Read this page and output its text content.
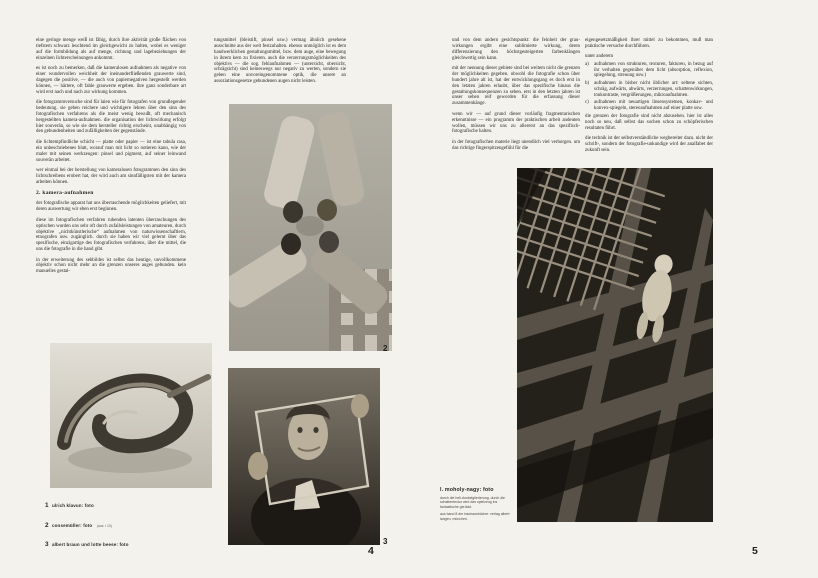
eine geringe menge weiß ist fähig, durch ihre aktivität große flächen von tiefstem schwarz leuchtend im gleichgewicht zu halten, wobei es weniger auf die formbildung als auf menge, richtung und lagebeziehungen der einzelnen lichterscheinungen ankommt.

es ist noch zu bemerken, daß die kameralosen aufnahmen als negative von einer wundervollen weichheit der ineinanderfließenden grauwerte sind, dagegen die positive, — die auch von papiernegativen hergestellt werden können, — härtere, oft fahle grauwerte ergeben. ihre ganz sonderbare art wird erst nach und nach zur wirkung kommen.

die fotogrammversuche sind für laien wie für fotografen von grundlegender bedeutung. sie geben reichere und wichtigere lehren über den sinn des fotografischen verfahrens als die meist wenig bewußt, oft mechanisch hergestellten kamera-aufnahmen. die organisation der lichtwirkung erfolgt hier souverän, so wie sie dem hersteller richtig erscheint, unabhängig von den gebundenheiten und zufälligkeiten der gegenstände.

die lichtempfindliche schicht — platte oder papier — ist eine tabula rasa, ein unbeschriebenes blatt, worauf man mit licht so notieren kann, wie der maler mit seinen werkzeugen: pinsel und pigment, auf seiner leinwand souverän arbeitet.

wer einmal bei der herstellung von kameralosen fotogrammen den sinn des lichtschreibens erobert hat, der wird auch am sinnfälligsten mit der kamera arbeiten können.

2. kamera-aufnahmen

der fotografische apparat hat uns überraschende möglichkeiten geliefert, mit deren auswertung wir eben erst beginnen.

diese im fotografischen verfahren ruhenden latenten überraschungen des optischen wurden uns sehr oft durch zufallsleistungen von amateuren, durch objektive „nichtkünstlerische“ aufnahmen von naturwissenschaftlern, etnografen usw. zugänglich. durch sie haben wir viel gelernt über das spezifische, einzigartige des fotografischen verfahrens, über die mittel, die uns die fotografie in die hand gibt.

in der erweiterung des sehbildes ist selbst das heutige, unvollkommene objektiv schon nicht mehr an die grenzen unseres auges gebunden. kein manuelles gestal-

tungsmittel (bleistift, pinsel usw.) vermag ähnlich gesehene ausschnitte aus der welt festzuhalten. ebenso unmöglich ist es dem handwerklichen gestaltungsmittel, bzw. dem auge, eine bewegung in ihrem kern zu fixieren. auch die verzerrungsmöglichkeiten des objektivs — die sog. fehlaufnahmen — (untersicht, obersicht, schrägsicht) sind keineswegs nur negativ zu werten, sondern sie geben eine unvoreingenommene optik, die unsere an assoziationsgesetze gebundenen augen nicht leisten.

2
3
1 ulrich klavun: foto
2 consemüller: foto (aus: i 10)
3 albert braun und lotte beese: foto
4

und von dem andern gesichtspunkt: die feinheit der grau-wirkungen ergibt eine sublimierte wirkung, deren differenzierung den höchstgesteigerten farbenklängen gleichwertig sein kann.

mit der nennung dieser gebiete sind bei weitem nicht die grenzen der möglichkeiten gegeben. obwohl die fotografie schon über hundert jahre alt ist, hat der entwicklungsgang es doch erst in den letzten jahren erlaubt, über das spezifische hinaus die gestaltungskonsequenzen zu sehen. erst in den letzten jahren ist unser sehen reif geworden für die erfassung dieser zusammenhänge.

wenn wir — auf grund dieser vorläufig fragmentarischen erkenntnisse — ein programm der praktischen arbeit andeuten wollen, müssen wir uns zu allererst an das spezifisch-fotografische halten.

in der fotografischen materie liegt unendlich viel verborgen. um das richtige fingerspitzengefühl für die

eigengesetzmäßigkeit ihrer mittel zu bekommen, muß man praktische versuche durchführen.

unter anderem
a)	aufnahmen von strukturen, texturen, fakturen, in bezug auf ihr verhalten gegenüber dem licht (absorption, reflexion, spiegelung, streuung usw.)
b)	aufnahmen in bisher nicht üblicher art: seltene sichten, schräg, aufwärts, abwärts, verzerrungen, schattenwirkungen, tonkontraste, vergrößerungen, mikroaufnahmen.
c)	aufnahmen mit neuartigen linsensystemen, konkav- und konvex-spiegeln, stereoaufnahmen auf einer platte usw.

die grenzen der fotografie sind nicht abzusehen. hier ist alles noch so neu, daß selbst das suchen schon zu schöpferischen resultaten führt.

die technik ist der selbstverständliche wegbereiter dazu. nicht der schrift-, sondern der fotografie-unkundige wird der analfabet der zukunft sein.

l. moholy-nagy: foto
durch die hell-dunkelgliederung, durch die schattentextur wird das spielzeug ins fantastische gerückt.
aus band 8 der bauhausbücher. verlag albert langen, münchen.
5
